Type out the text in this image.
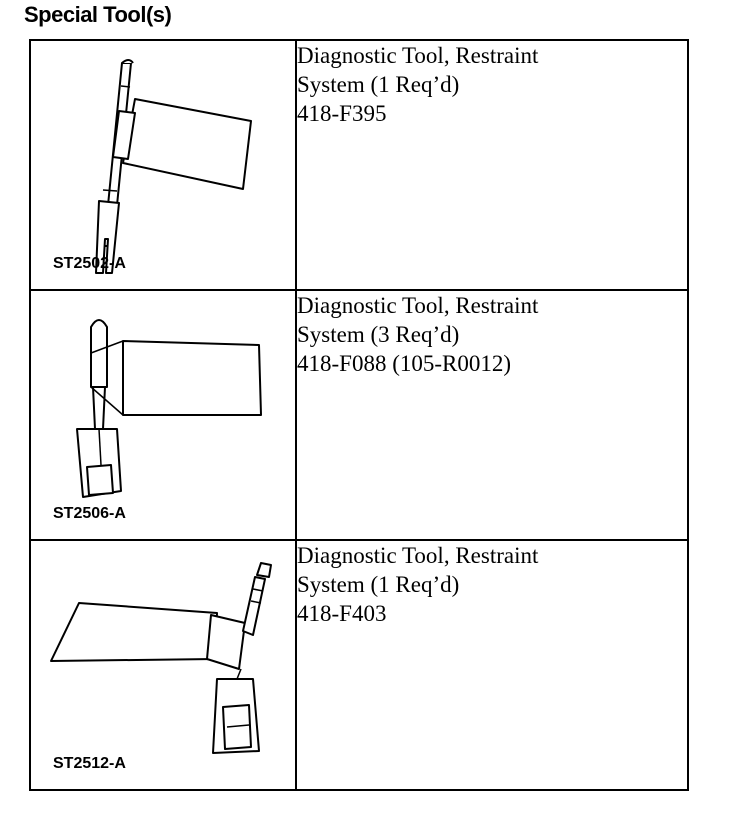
Special Tool(s)
ST2502-A	Diagnostic Tool, Restraint

System (1 Req’d)

418-F395

ST2506-A	Diagnostic Tool, Restraint

System (3 Req’d)

418-F088 (105-R0012)

ST2512-A	Diagnostic Tool, Restraint

System (1 Req’d)

418-F403
